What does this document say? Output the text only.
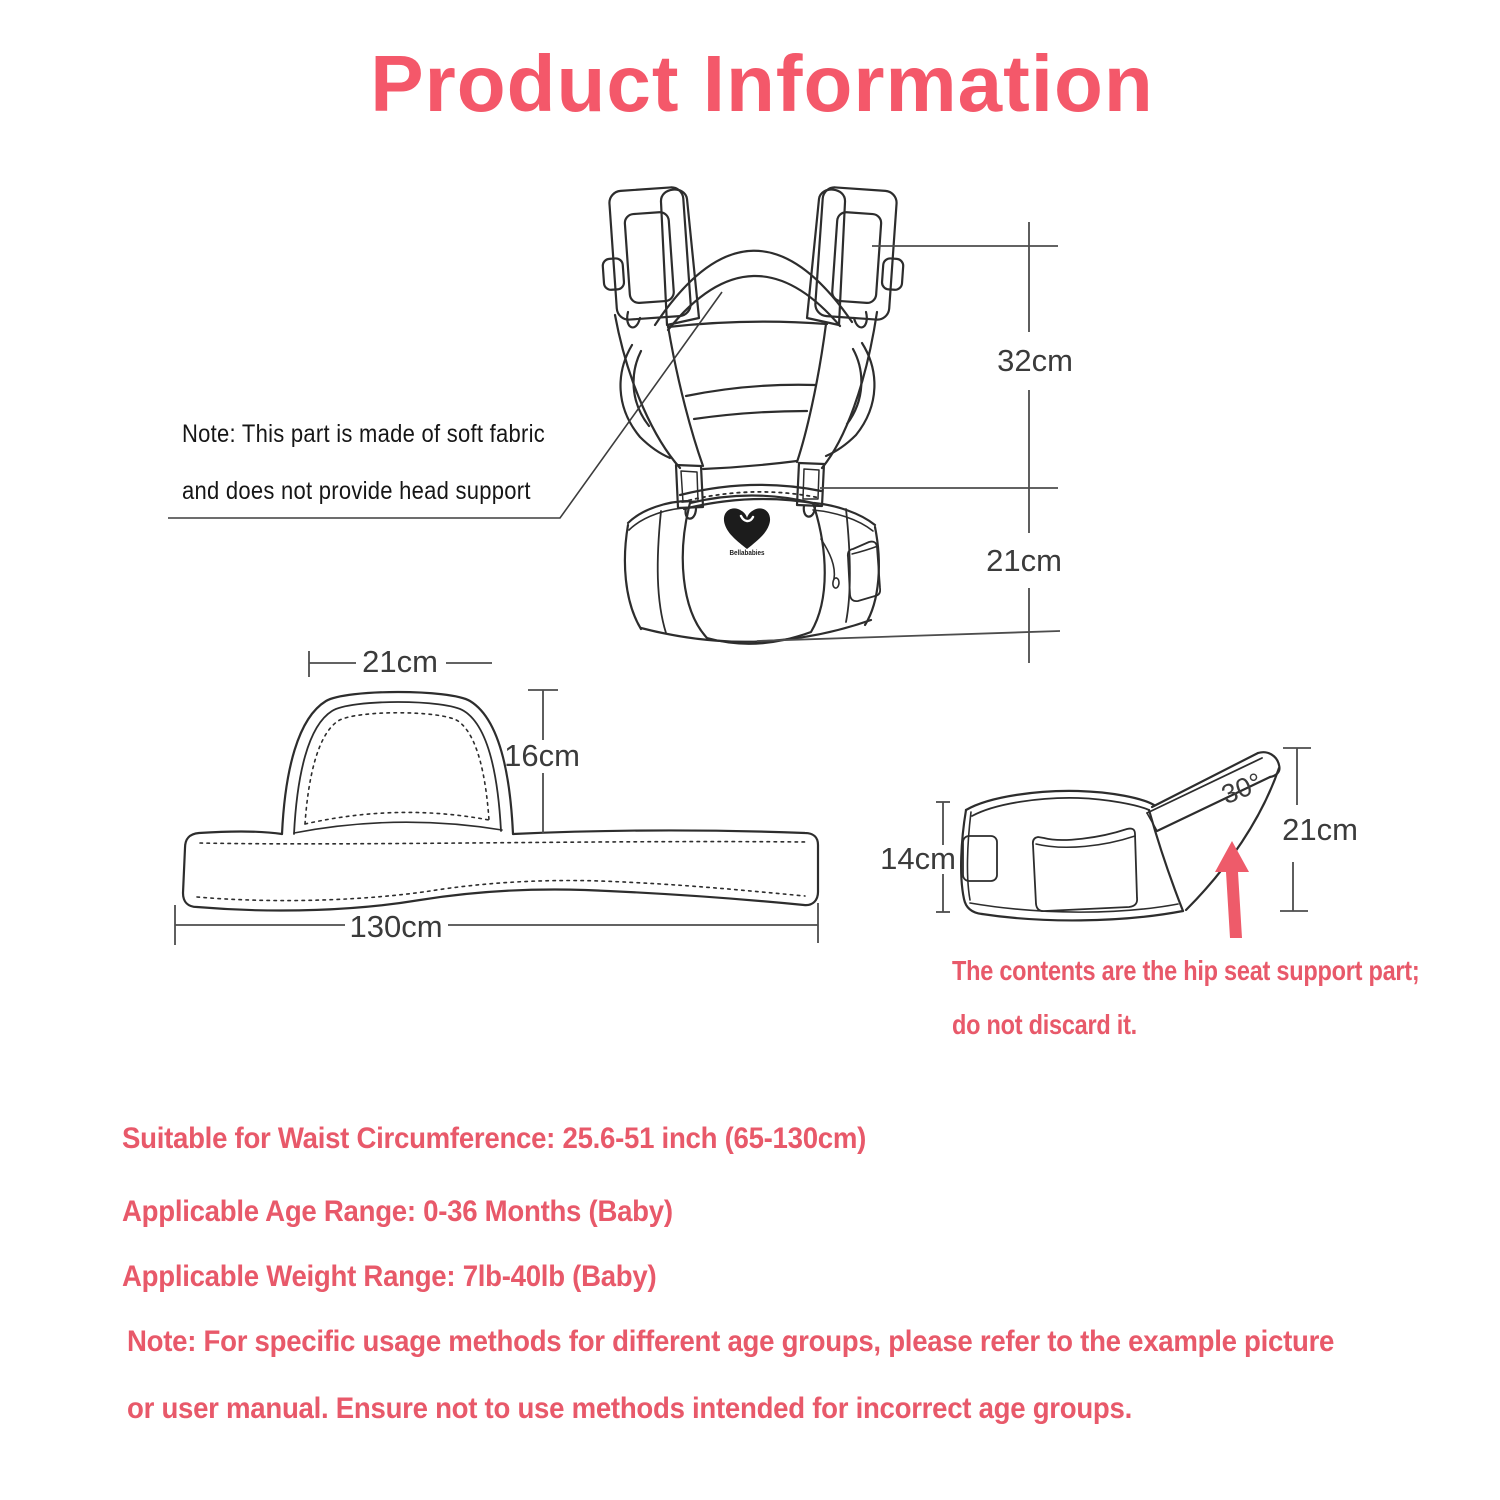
Product Information
Note: This part is made of soft fabric
and does not provide head support
32cm
21cm
21cm
16cm
130cm
14cm
30°
21cm
The contents are the hip seat support part;
do not discard it.
Bellababies
Suitable for Waist Circumference: 25.6-51 inch (65-130cm)
Applicable Age Range: 0-36 Months (Baby)
Applicable Weight Range: 7lb-40lb (Baby)
Note: For specific usage methods for different age groups, please refer to the example picture
or user manual. Ensure not to use methods intended for incorrect age groups.
